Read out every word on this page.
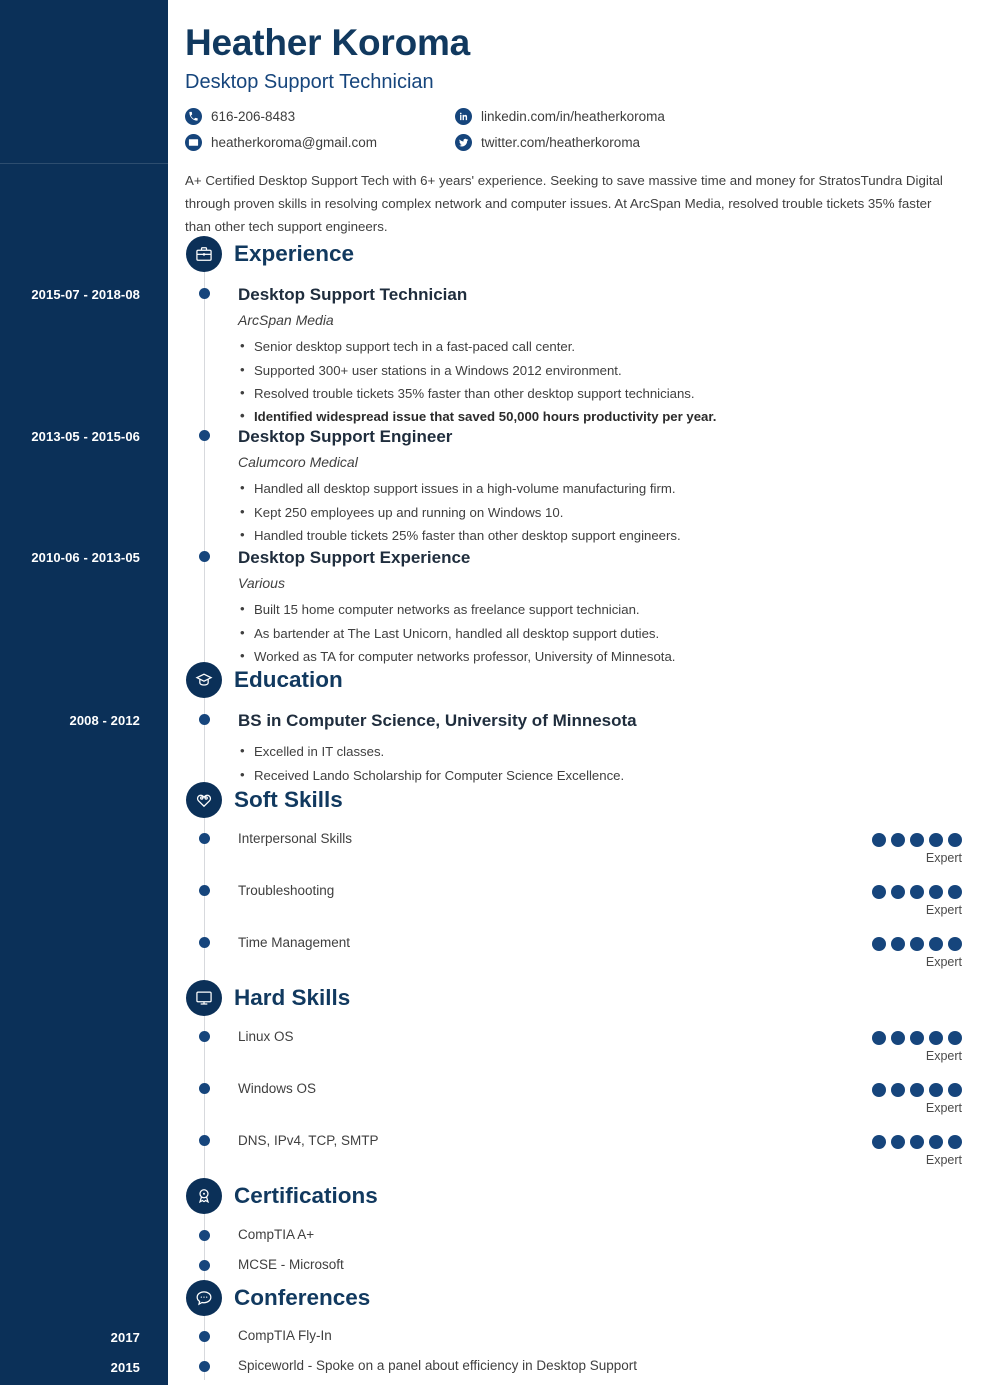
Heather Koroma
Desktop Support Technician
616-206-8483	linkedin.com/in/heatherkoroma
heatherkoroma@gmail.com	twitter.com/heatherkoroma
A+ Certified Desktop Support Tech with 6+ years' experience. Seeking to save massive time and money for StratosTundra Digital through proven skills in resolving complex network and computer issues. At ArcSpan Media, resolved trouble tickets 35% faster than other tech support engineers.
Experience
2015-07 - 2018-08	Desktop Support Technician
ArcSpan Media
• Senior desktop support tech in a fast-paced call center.
• Supported 300+ user stations in a Windows 2012 environment.
• Resolved trouble tickets 35% faster than other desktop support technicians.
• Identified widespread issue that saved 50,000 hours productivity per year.
2013-05 - 2015-06	Desktop Support Engineer
Calumcoro Medical
• Handled all desktop support issues in a high-volume manufacturing firm.
• Kept 250 employees up and running on Windows 10.
• Handled trouble tickets 25% faster than other desktop support engineers.
2010-06 - 2013-05	Desktop Support Experience
Various
• Built 15 home computer networks as freelance support technician.
• As bartender at The Last Unicorn, handled all desktop support duties.
• Worked as TA for computer networks professor, University of Minnesota.
Education
2008 - 2012	BS in Computer Science, University of Minnesota
• Excelled in IT classes.
• Received Lando Scholarship for Computer Science Excellence.
Soft Skills
Interpersonal Skills
Expert
Troubleshooting
Expert
Time Management
Expert
Hard Skills
Linux OS
Expert
Windows OS
Expert
DNS, IPv4, TCP, SMTP
Expert
Certifications
CompTIA A+
MCSE - Microsoft
Conferences
2017	CompTIA Fly-In
2015	Spiceworld - Spoke on a panel about efficiency in Desktop Support
